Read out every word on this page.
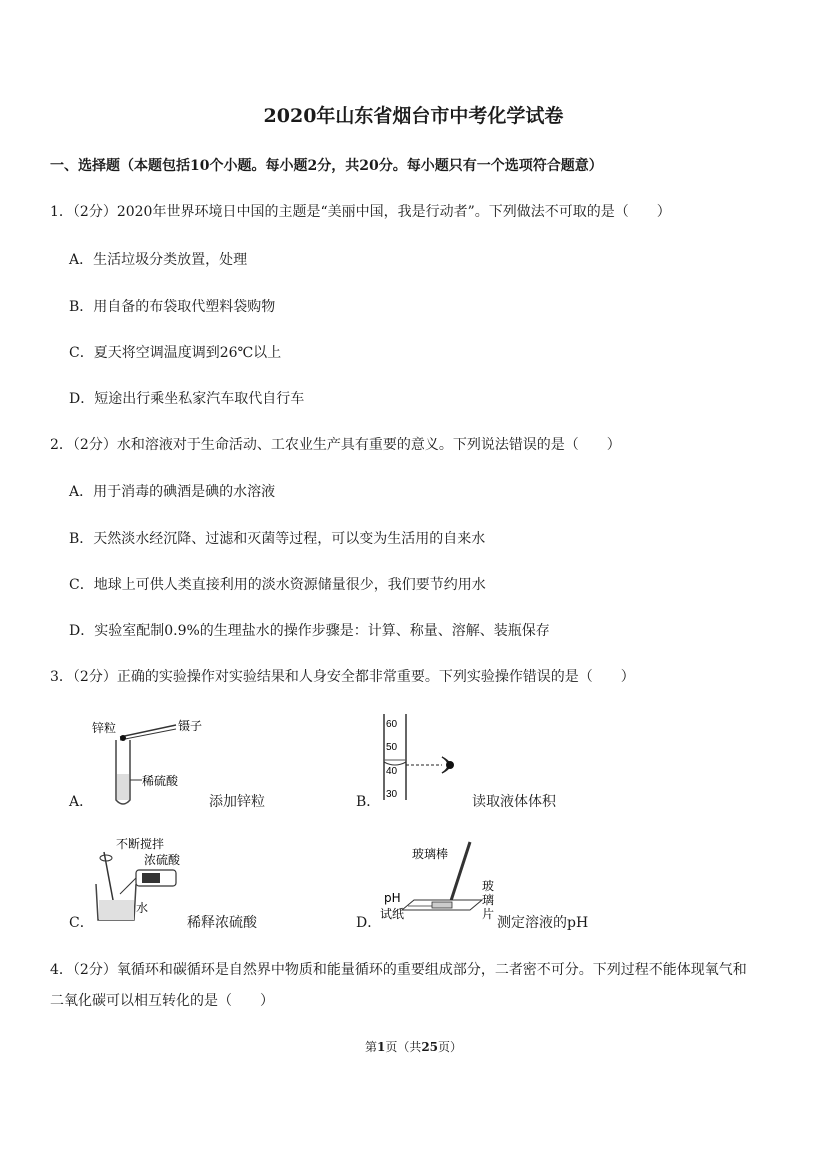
2020年山东省烟台市中考化学试卷
一、选择题（本题包括10个小题。每小题2分，共20分。每小题只有一个选项符合题意）
1．（2分）2020年世界环境日中国的主题是“美丽中国，我是行动者”。下列做法不可取的是（　　）
A．生活垃圾分类放置，处理
B．用自备的布袋取代塑料袋购物
C．夏天将空调温度调到26℃以上
D．短途出行乘坐私家汽车取代自行车
2．（2分）水和溶液对于生命活动、工农业生产具有重要的意义。下列说法错误的是（　　）
A．用于消毒的碘酒是碘的水溶液
B．天然淡水经沉降、过滤和灭菌等过程，可以变为生活用的自来水
C．地球上可供人类直接利用的淡水资源储量很少，我们要节约用水
D．实验室配制0.9%的生理盐水的操作步骤是：计算、称量、溶解、装瓶保存
3．（2分）正确的实验操作对实验结果和人身安全都非常重要。下列实验操作错误的是（　　）
A．
锌粒	镊子
稀硫酸
添加锌粒	B．
60
50
40
30	读取液体体积
C．
不断搅拌
浓硫酸
水
稀释浓硫酸	D．
玻璃棒
pH
试纸
玻
璃
片
测定溶液的pH
4．（2分）氧循环和碳循环是自然界中物质和能量循环的重要组成部分，二者密不可分。下列过程不能体现氧气和
二氧化碳可以相互转化的是（　　）
第1页（共25页）
